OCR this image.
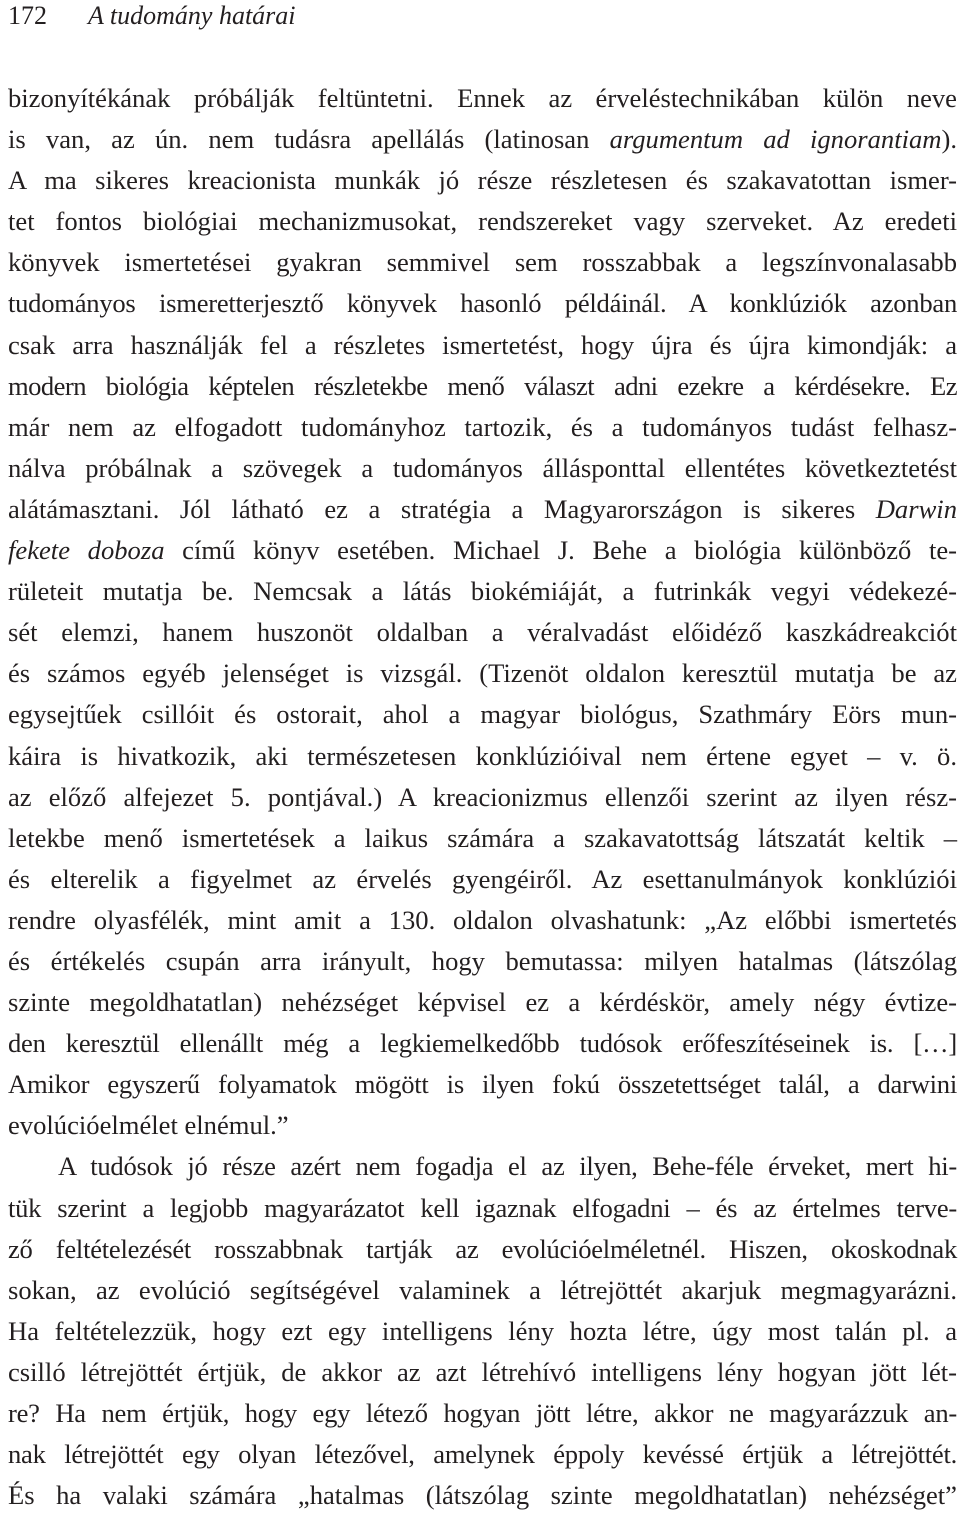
172 A tudomány határai
bizonyítékának próbálják feltüntetni. Ennek az érveléstechnikában külön neve
is van, az ún. nem tudásra apellálás (latinosan argumentum ad ignorantiam).
A ma sikeres kreacionista munkák jó része részletesen és szakavatottan ismer-
tet fontos biológiai mechanizmusokat, rendszereket vagy szerveket. Az eredeti
könyvek ismertetései gyakran semmivel sem rosszabbak a legszínvonalasabb
tudományos ismeretterjesztő könyvek hasonló példáinál. A konklúziók azonban
csak arra használják fel a részletes ismertetést, hogy újra és újra kimondják: a
modern biológia képtelen részletekbe menő választ adni ezekre a kérdésekre. Ez
már nem az elfogadott tudományhoz tartozik, és a tudományos tudást felhasz-
nálva próbálnak a szövegek a tudományos állásponttal ellentétes következtetést
alátámasztani. Jól látható ez a stratégia a Magyarországon is sikeres Darwin
fekete doboza című könyv esetében. Michael J. Behe a biológia különböző te-
rületeit mutatja be. Nemcsak a látás biokémiáját, a futrinkák vegyi védekezé-
sét elemzi, hanem huszonöt oldalban a véralvadást előidéző kaszkádreakciót
és számos egyéb jelenséget is vizsgál. (Tizenöt oldalon keresztül mutatja be az
egysejtűek csillóit és ostorait, ahol a magyar biológus, Szathmáry Eörs mun-
káira is hivatkozik, aki természetesen konklúzióival nem értene egyet – v. ö.
az előző alfejezet 5. pontjával.) A kreacionizmus ellenzői szerint az ilyen rész-
letekbe menő ismertetések a laikus számára a szakavatottság látszatát keltik –
és elterelik a figyelmet az érvelés gyengéiről. Az esettanulmányok konklúziói
rendre olyasfélék, mint amit a 130. oldalon olvashatunk: „Az előbbi ismertetés
és értékelés csupán arra irányult, hogy bemutassa: milyen hatalmas (látszólag
szinte megoldhatatlan) nehézséget képvisel ez a kérdéskör, amely négy évtize-
den keresztül ellenállt még a legkiemelkedőbb tudósok erőfeszítéseinek is. […]
Amikor egyszerű folyamatok mögött is ilyen fokú összetettséget talál, a darwini
evolúcióelmélet elnémul.”
A tudósok jó része azért nem fogadja el az ilyen, Behe-féle érveket, mert hi-
tük szerint a legjobb magyarázatot kell igaznak elfogadni – és az értelmes terve-
ző feltételezését rosszabbnak tartják az evolúcióelméletnél. Hiszen, okoskodnak
sokan, az evolúció segítségével valaminek a létrejöttét akarjuk megmagyarázni.
Ha feltételezzük, hogy ezt egy intelligens lény hozta létre, úgy most talán pl. a
csilló létrejöttét értjük, de akkor az azt létrehívó intelligens lény hogyan jött lét-
re? Ha nem értjük, hogy egy létező hogyan jött létre, akkor ne magyarázzuk an-
nak létrejöttét egy olyan létezővel, amelynek éppoly kevéssé értjük a létrejöttét.
És ha valaki számára „hatalmas (látszólag szinte megoldhatatlan) nehézséget”
